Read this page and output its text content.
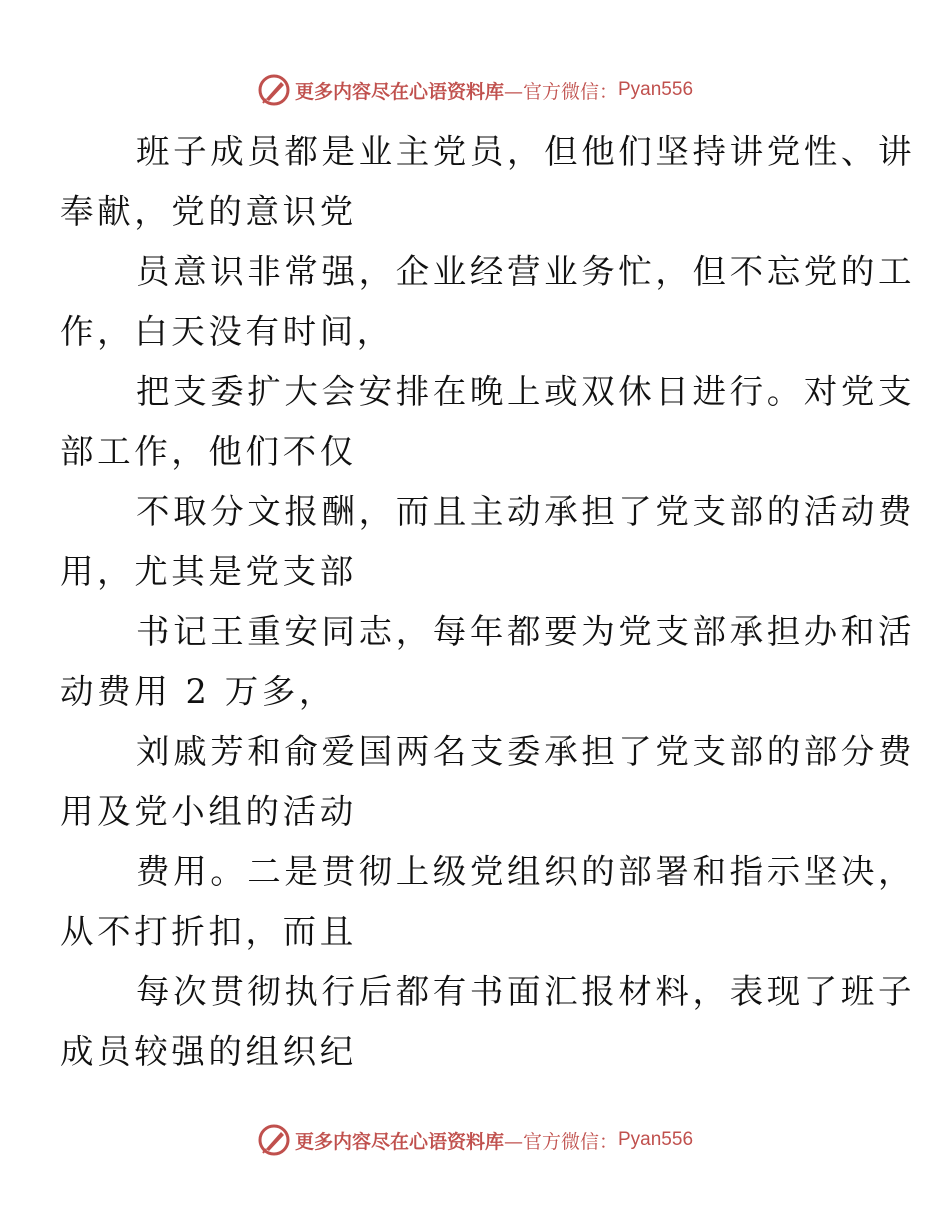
更多内容尽在心语资料库 —官方微信： Pyan556

班子成员都是业主党员，但他们坚持讲党性、讲
奉献，党的意识党

员意识非常强，企业经营业务忙，但不忘党的工
作，白天没有时间，

把支委扩大会安排在晚上或双休日进行。对党支
部工作，他们不仅

不取分文报酬，而且主动承担了党支部的活动费
用，尤其是党支部

书记王重安同志，每年都要为党支部承担办和活
动费用 2 万多，

刘戚芳和俞爱国两名支委承担了党支部的部分费
用及党小组的活动

费用。二是贯彻上级党组织的部署和指示坚决，
从不打折扣，而且

每次贯彻执行后都有书面汇报材料，表现了班子
成员较强的组织纪

更多内容尽在心语资料库 —官方微信： Pyan556
